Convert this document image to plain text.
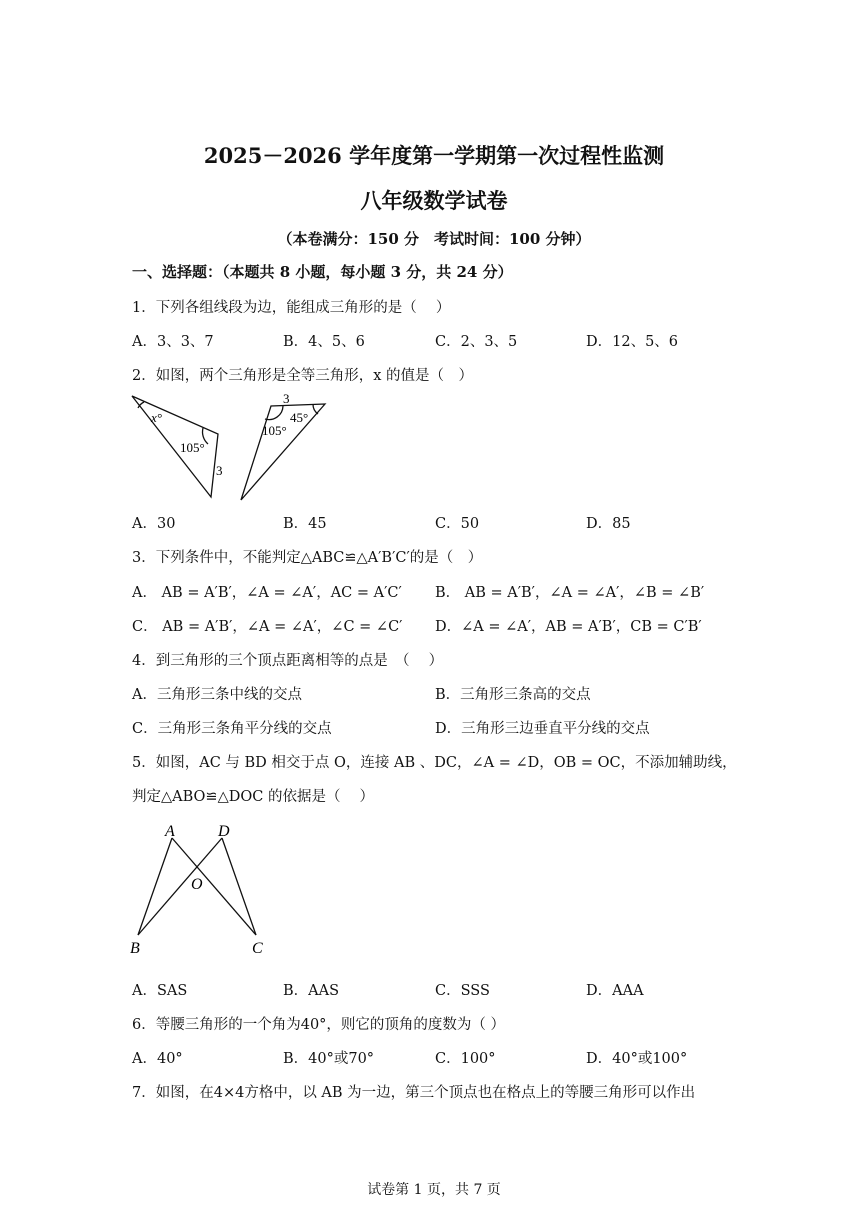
2025－2026 学年度第一学期第一次过程性监测
八年级数学试卷
（本卷满分：150 分　考试时间：100 分钟）
一、选择题：（本题共 8 小题，每小题 3 分，共 24 分）
1．下列各组线段为边，能组成三角形的是（　 ）
A．3、3、7	B．4、5、6	C．2、3、5	D．12、5、6
2．如图，两个三角形是全等三角形，x 的值是（　）
x°
105°
3
3
45°
105°
A．30	B．45	C．50	D．85
3．下列条件中，不能判定△ABC≌△A′B′C′的是（　）
A． AB = A′B′，∠A = ∠A′，AC = A′C′ B． AB = A′B′，∠A = ∠A′，∠B = ∠B′
C． AB = A′B′，∠A = ∠A′，∠C = ∠C′ D．∠A = ∠A′，AB = A′B′，CB = C′B′
4．到三角形的三个顶点距离相等的点是　（　 ）
A．三角形三条中线的交点	B．三角形三条高的交点
C．三角形三条角平分线的交点	D．三角形三边垂直平分线的交点
5．如图，AC 与 BD 相交于点 O，连接 AB 、DC，∠A = ∠D，OB = OC，不添加辅助线，
判定△ABO≌△DOC 的依据是（　 ）
A	D
O
B	C
A．SAS	B．AAS	C．SSS	D．AAA
6．等腰三角形的一个角为40°，则它的顶角的度数为（ ）
A．40°	B．40°或70°	C．100°	D．40°或100°
7．如图，在4×4方格中，以 AB 为一边，第三个顶点也在格点上的等腰三角形可以作出
试卷第 1 页，共 7 页
